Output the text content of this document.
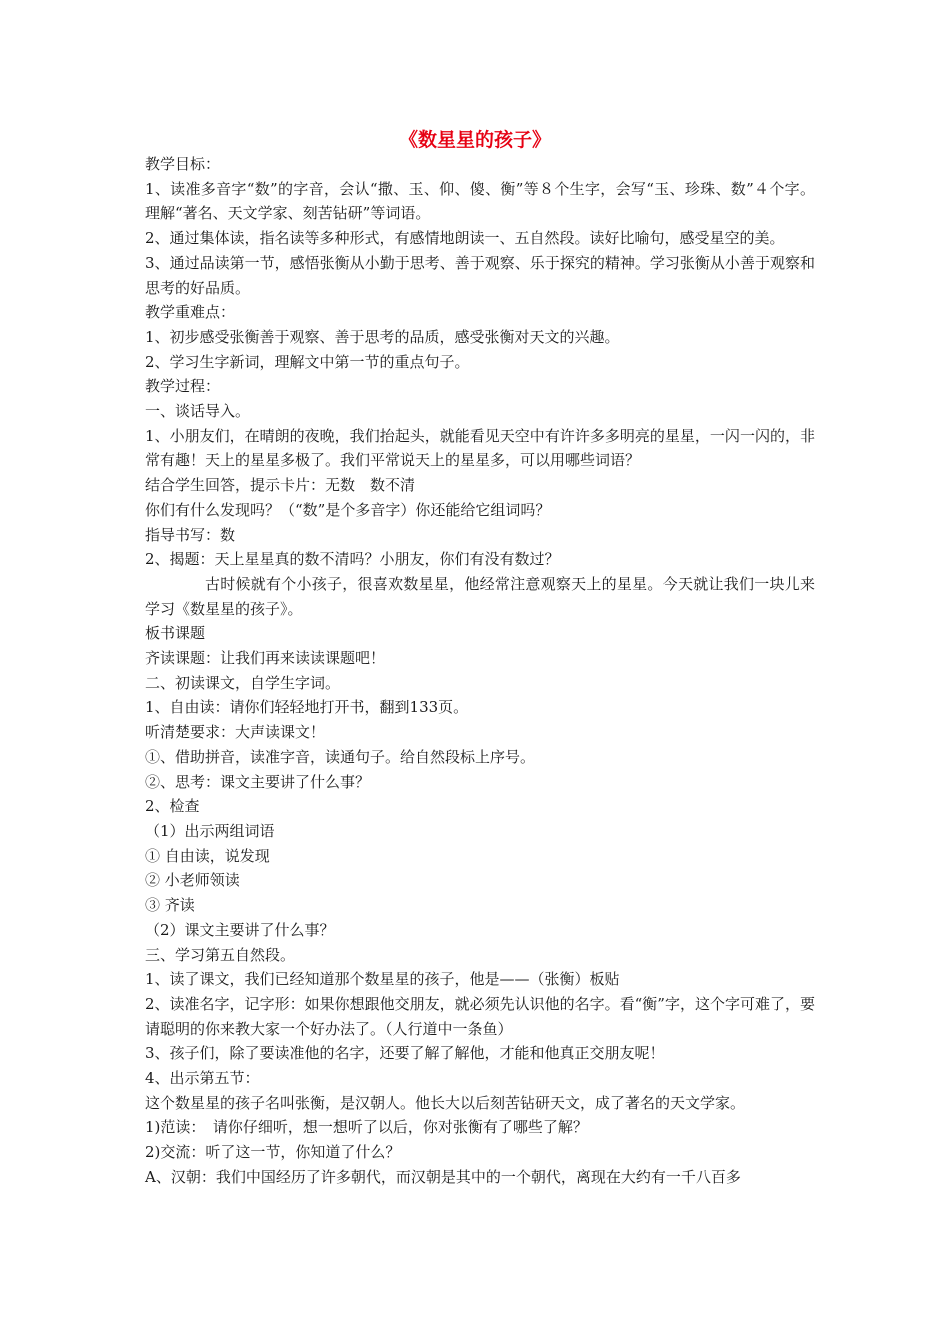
《数星星的孩子》

教学目标：

1、读准多音字“数”的字音，会认“撒、玉、仰、傻、衡”等８个生字，会写“玉、珍珠、数”４个字。理解“著名、天文学家、刻苦钻研”等词语。

2、通过集体读，指名读等多种形式，有感情地朗读一、五自然段。读好比喻句，感受星空的美。

3、通过品读第一节，感悟张衡从小勤于思考、善于观察、乐于探究的精神。学习张衡从小善于观察和思考的好品质。

教学重难点：

1、初步感受张衡善于观察、善于思考的品质，感受张衡对天文的兴趣。

2、学习生字新词，理解文中第一节的重点句子。

教学过程：

一、谈话导入。

1、小朋友们，在晴朗的夜晚，我们抬起头，就能看见天空中有许许多多明亮的星星，一闪一闪的，非常有趣！天上的星星多极了。我们平常说天上的星星多，可以用哪些词语？

结合学生回答，提示卡片：无数　数不清

你们有什么发现吗？（“数”是个多音字）你还能给它组词吗？

指导书写：数

2、揭题：天上星星真的数不清吗？小朋友，你们有没有数过？

古时候就有个小孩子，很喜欢数星星，他经常注意观察天上的星星。今天就让我们一块儿来学习《数星星的孩子》。

板书课题

齐读课题：让我们再来读读课题吧！

二、初读课文，自学生字词。

1、自由读：请你们轻轻地打开书，翻到133页。

听清楚要求：大声读课文！

①、借助拼音，读准字音，读通句子。给自然段标上序号。

②、思考：课文主要讲了什么事？

2、检查

（1）出示两组词语

① 自由读，说发现

② 小老师领读

③ 齐读

（2）课文主要讲了什么事？

三、学习第五自然段。

1、读了课文，我们已经知道那个数星星的孩子，他是——（张衡）板贴

2、读准名字，记字形：如果你想跟他交朋友，就必须先认识他的名字。看“衡”字，这个字可难了，要请聪明的你来教大家一个好办法了。（人行道中一条鱼）

3、孩子们，除了要读准他的名字，还要了解了解他，才能和他真正交朋友呢！

4、出示第五节：

这个数星星的孩子名叫张衡，是汉朝人。他长大以后刻苦钻研天文，成了著名的天文学家。

1)范读：　请你仔细听，想一想听了以后，你对张衡有了哪些了解？

2)交流：听了这一节，你知道了什么？

A、汉朝：我们中国经历了许多朝代，而汉朝是其中的一个朝代，离现在大约有一千八百多
